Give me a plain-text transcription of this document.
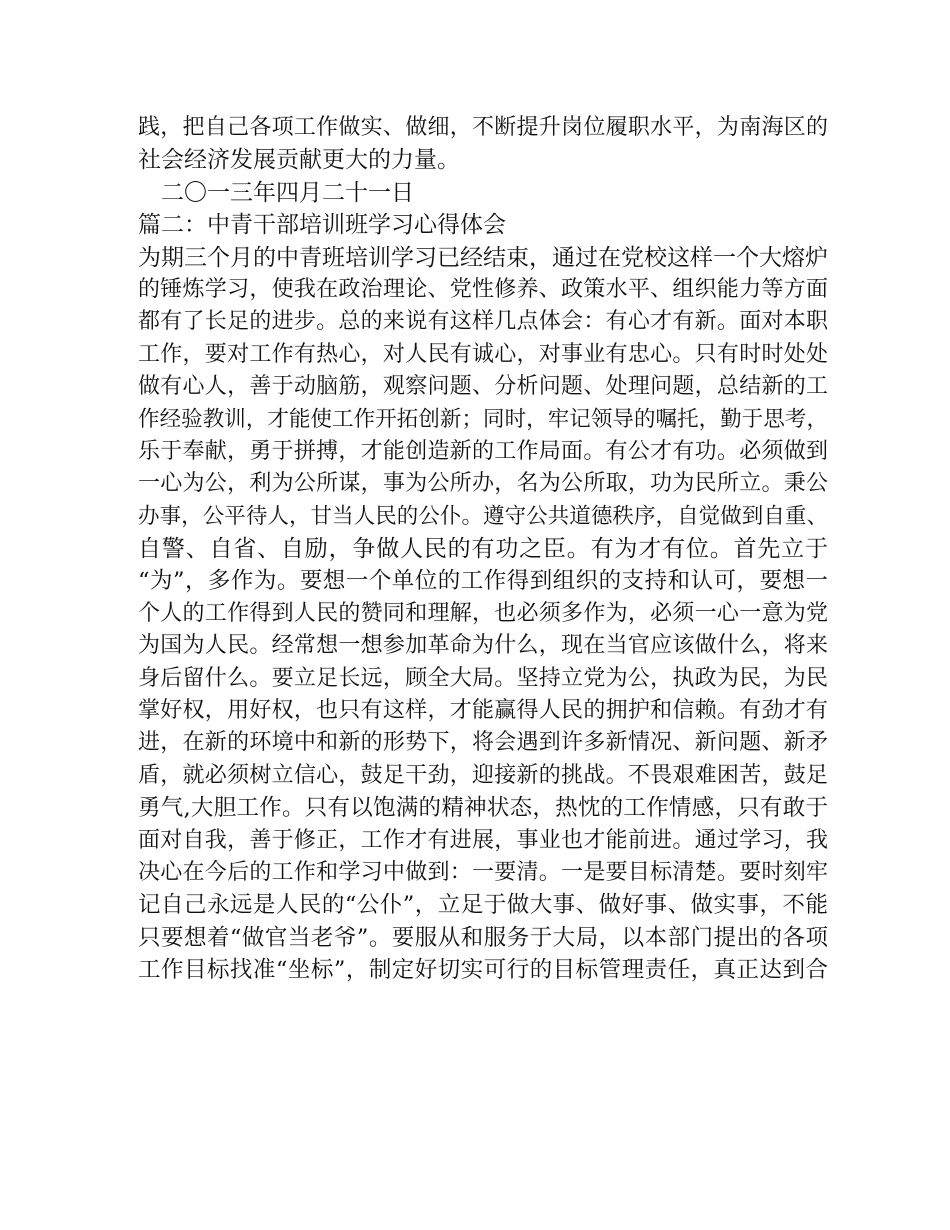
践，把自己各项工作做实、做细，不断提升岗位履职水平，为南海区的
社会经济发展贡献更大的力量。
　二〇一三年四月二十一日
篇二：中青干部培训班学习心得体会
为期三个月的中青班培训学习已经结束，通过在党校这样一个大熔炉
的锤炼学习，使我在政治理论、党性修养、政策水平、组织能力等方面
都有了长足的进步。总的来说有这样几点体会：有心才有新。面对本职
工作，要对工作有热心，对人民有诚心，对事业有忠心。只有时时处处
做有心人，善于动脑筋，观察问题、分析问题、处理问题，总结新的工
作经验教训，才能使工作开拓创新；同时，牢记领导的嘱托，勤于思考，
乐于奉献，勇于拼搏，才能创造新的工作局面。有公才有功。必须做到
一心为公，利为公所谋，事为公所办，名为公所取，功为民所立。秉公
办事，公平待人，甘当人民的公仆。遵守公共道德秩序，自觉做到自重、
自警、自省、自励，争做人民的有功之臣。有为才有位。首先立于
“为”，多作为。要想一个单位的工作得到组织的支持和认可，要想一
个人的工作得到人民的赞同和理解，也必须多作为，必须一心一意为党
为国为人民。经常想一想参加革命为什么，现在当官应该做什么，将来
身后留什么。要立足长远，顾全大局。坚持立党为公，执政为民，为民
掌好权，用好权，也只有这样，才能赢得人民的拥护和信赖。有劲才有
进，在新的环境中和新的形势下，将会遇到许多新情况、新问题、新矛
盾，就必须树立信心，鼓足干劲，迎接新的挑战。不畏艰难困苦，鼓足
勇气,大胆工作。只有以饱满的精神状态，热忱的工作情感，只有敢于
面对自我，善于修正，工作才有进展，事业也才能前进。通过学习，我
决心在今后的工作和学习中做到：一要清。一是要目标清楚。要时刻牢
记自己永远是人民的“公仆”，立足于做大事、做好事、做实事，不能
只要想着“做官当老爷”。要服从和服务于大局，以本部门提出的各项
工作目标找准“坐标”，制定好切实可行的目标管理责任，真正达到合
